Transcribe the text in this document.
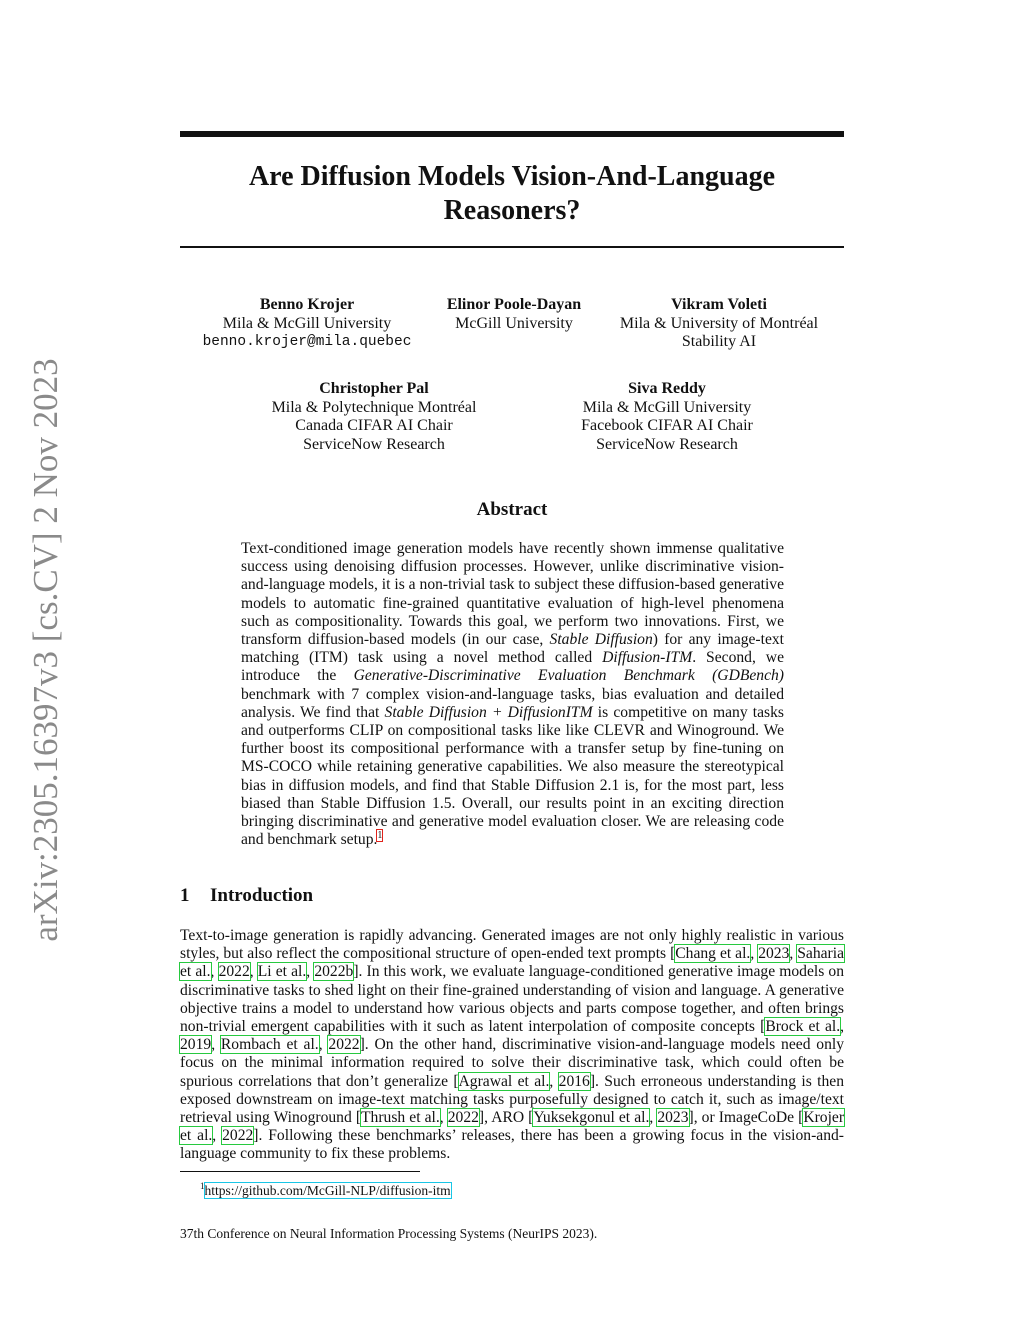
arXiv:2305.16397v3 [cs.CV] 2 Nov 2023
Are Diffusion Models Vision-And-Language Reasoners?
Benno Krojer
Mila & McGill University
benno.krojer@mila.quebec
Elinor Poole-Dayan
McGill University
Vikram Voleti
Mila & University of Montréal
Stability AI
Christopher Pal
Mila & Polytechnique Montréal
Canada CIFAR AI Chair
ServiceNow Research
Siva Reddy
Mila & McGill University
Facebook CIFAR AI Chair
ServiceNow Research
Abstract

Text-conditioned image generation models have recently shown immense qualitative success using denoising diffusion processes. However, unlike discriminative vision-and-language models, it is a non-trivial task to subject these diffusion-based generative models to automatic fine-grained quantitative evaluation of high-level phenomena such as compositionality. Towards this goal, we perform two innovations. First, we transform diffusion-based models (in our case, Stable Diffusion) for any image-text matching (ITM) task using a novel method called Diffusion-ITM. Second, we introduce the Generative-Discriminative Evaluation Benchmark (GDBench) benchmark with 7 complex vision-and-language tasks, bias evaluation and detailed analysis. We find that Stable Diffusion + DiffusionITM is competitive on many tasks and outperforms CLIP on compositional tasks like like CLEVR and Winoground. We further boost its compositional performance with a transfer setup by fine-tuning on MS-COCO while retaining generative capabilities. We also measure the stereotypical bias in diffusion models, and find that Stable Diffusion 2.1 is, for the most part, less biased than Stable Diffusion 1.5. Overall, our results point in an exciting direction bringing discriminative and generative model evaluation closer. We are releasing code and benchmark setup.$^1$

1 Introduction

Text-to-image generation is rapidly advancing. Generated images are not only highly realistic in various styles, but also reflect the compositional structure of open-ended text prompts [Chang et al., 2023, Saharia et al., 2022, Li et al., 2022b]. In this work, we evaluate language-conditioned generative image models on discriminative tasks to shed light on their fine-grained understanding of vision and language. A generative objective trains a model to understand how various objects and parts compose together, and often brings non-trivial emergent capabilities with it such as latent interpolation of composite concepts [Brock et al., 2019, Rombach et al., 2022]. On the other hand, discriminative vision-and-language models need only focus on the minimal information required to solve their discriminative task, which could often be spurious correlations that don’t generalize [Agrawal et al., 2016]. Such erroneous understanding is then exposed downstream on image-text matching tasks purposefully designed to catch it, such as image/text retrieval using Winoground [Thrush et al., 2022], ARO [Yuksekgonul et al., 2023], or ImageCoDe [Krojer et al., 2022]. Following these benchmarks’ releases, there has been a growing focus in the vision-and-language community to fix these problems.

$^1$https://github.com/McGill-NLP/diffusion-itm
37th Conference on Neural Information Processing Systems (NeurIPS 2023).
